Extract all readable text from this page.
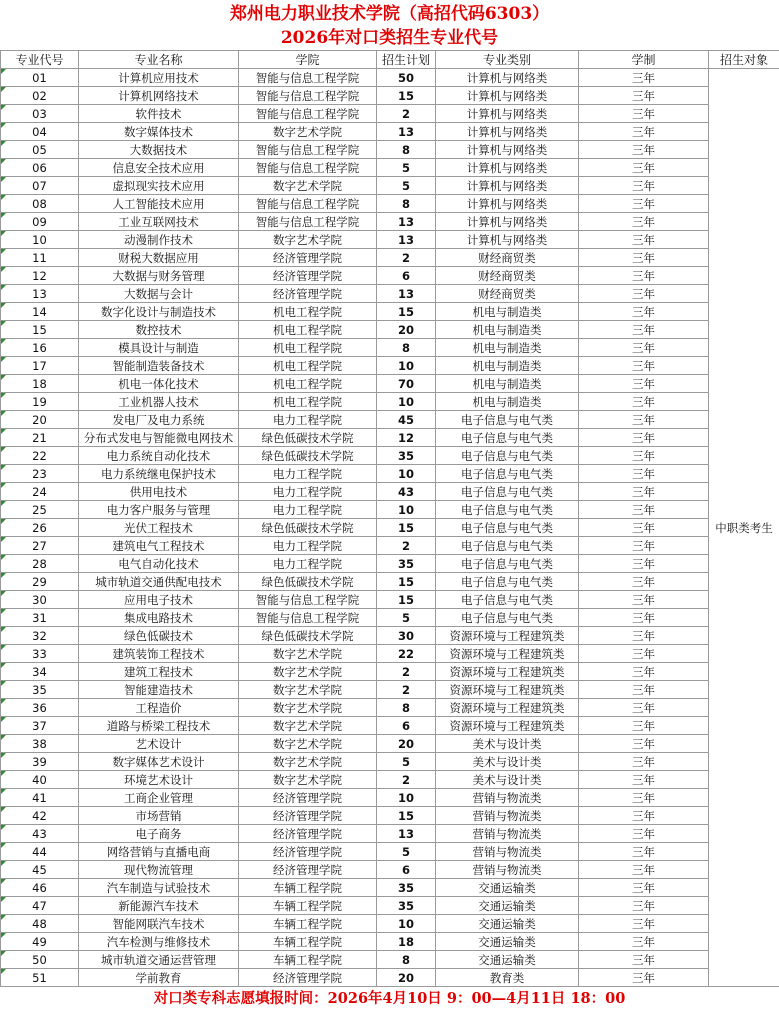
郑州电力职业技术学院（高招代码6303）
2026年对口类招生专业代号
专业代号	专业名称	学院	招生计划	专业类别	学制	招生对象
01	计算机应用技术	智能与信息工程学院	50	计算机与网络类	三年	中职类考生
02	计算机网络技术	智能与信息工程学院	15	计算机与网络类	三年	
03	软件技术	智能与信息工程学院	2	计算机与网络类	三年	
04	数字媒体技术	数字艺术学院	13	计算机与网络类	三年	
05	大数据技术	智能与信息工程学院	8	计算机与网络类	三年	
06	信息安全技术应用	智能与信息工程学院	5	计算机与网络类	三年	
07	虚拟现实技术应用	数字艺术学院	5	计算机与网络类	三年	
08	人工智能技术应用	智能与信息工程学院	8	计算机与网络类	三年	
09	工业互联网技术	智能与信息工程学院	13	计算机与网络类	三年	
10	动漫制作技术	数字艺术学院	13	计算机与网络类	三年	
11	财税大数据应用	经济管理学院	2	财经商贸类	三年	
12	大数据与财务管理	经济管理学院	6	财经商贸类	三年	
13	大数据与会计	经济管理学院	13	财经商贸类	三年	
14	数字化设计与制造技术	机电工程学院	15	机电与制造类	三年	
15	数控技术	机电工程学院	20	机电与制造类	三年	
16	模具设计与制造	机电工程学院	8	机电与制造类	三年	
17	智能制造装备技术	机电工程学院	10	机电与制造类	三年	
18	机电一体化技术	机电工程学院	70	机电与制造类	三年	
19	工业机器人技术	机电工程学院	10	机电与制造类	三年	
20	发电厂及电力系统	电力工程学院	45	电子信息与电气类	三年	
21	分布式发电与智能微电网技术	绿色低碳技术学院	12	电子信息与电气类	三年	
22	电力系统自动化技术	绿色低碳技术学院	35	电子信息与电气类	三年	
23	电力系统继电保护技术	电力工程学院	10	电子信息与电气类	三年	
24	供用电技术	电力工程学院	43	电子信息与电气类	三年	
25	电力客户服务与管理	电力工程学院	10	电子信息与电气类	三年	
26	光伏工程技术	绿色低碳技术学院	15	电子信息与电气类	三年	
27	建筑电气工程技术	电力工程学院	2	电子信息与电气类	三年	
28	电气自动化技术	电力工程学院	35	电子信息与电气类	三年	
29	城市轨道交通供配电技术	绿色低碳技术学院	15	电子信息与电气类	三年	
30	应用电子技术	智能与信息工程学院	15	电子信息与电气类	三年	
31	集成电路技术	智能与信息工程学院	5	电子信息与电气类	三年	
32	绿色低碳技术	绿色低碳技术学院	30	资源环境与工程建筑类	三年	
33	建筑装饰工程技术	数字艺术学院	22	资源环境与工程建筑类	三年	
34	建筑工程技术	数字艺术学院	2	资源环境与工程建筑类	三年	
35	智能建造技术	数字艺术学院	2	资源环境与工程建筑类	三年	
36	工程造价	数字艺术学院	8	资源环境与工程建筑类	三年	
37	道路与桥梁工程技术	数字艺术学院	6	资源环境与工程建筑类	三年	
38	艺术设计	数字艺术学院	20	美术与设计类	三年	
39	数字媒体艺术设计	数字艺术学院	5	美术与设计类	三年	
40	环境艺术设计	数字艺术学院	2	美术与设计类	三年	
41	工商企业管理	经济管理学院	10	营销与物流类	三年	
42	市场营销	经济管理学院	15	营销与物流类	三年	
43	电子商务	经济管理学院	13	营销与物流类	三年	
44	网络营销与直播电商	经济管理学院	5	营销与物流类	三年	
45	现代物流管理	经济管理学院	6	营销与物流类	三年	
46	汽车制造与试验技术	车辆工程学院	35	交通运输类	三年	
47	新能源汽车技术	车辆工程学院	35	交通运输类	三年	
48	智能网联汽车技术	车辆工程学院	10	交通运输类	三年	
49	汽车检测与维修技术	车辆工程学院	18	交通运输类	三年	
50	城市轨道交通运营管理	车辆工程学院	8	交通运输类	三年	
51	学前教育	经济管理学院	20	教育类	三年	
对口类专科志愿填报时间：2026年4月10日 9：00—4月11日 18：00
